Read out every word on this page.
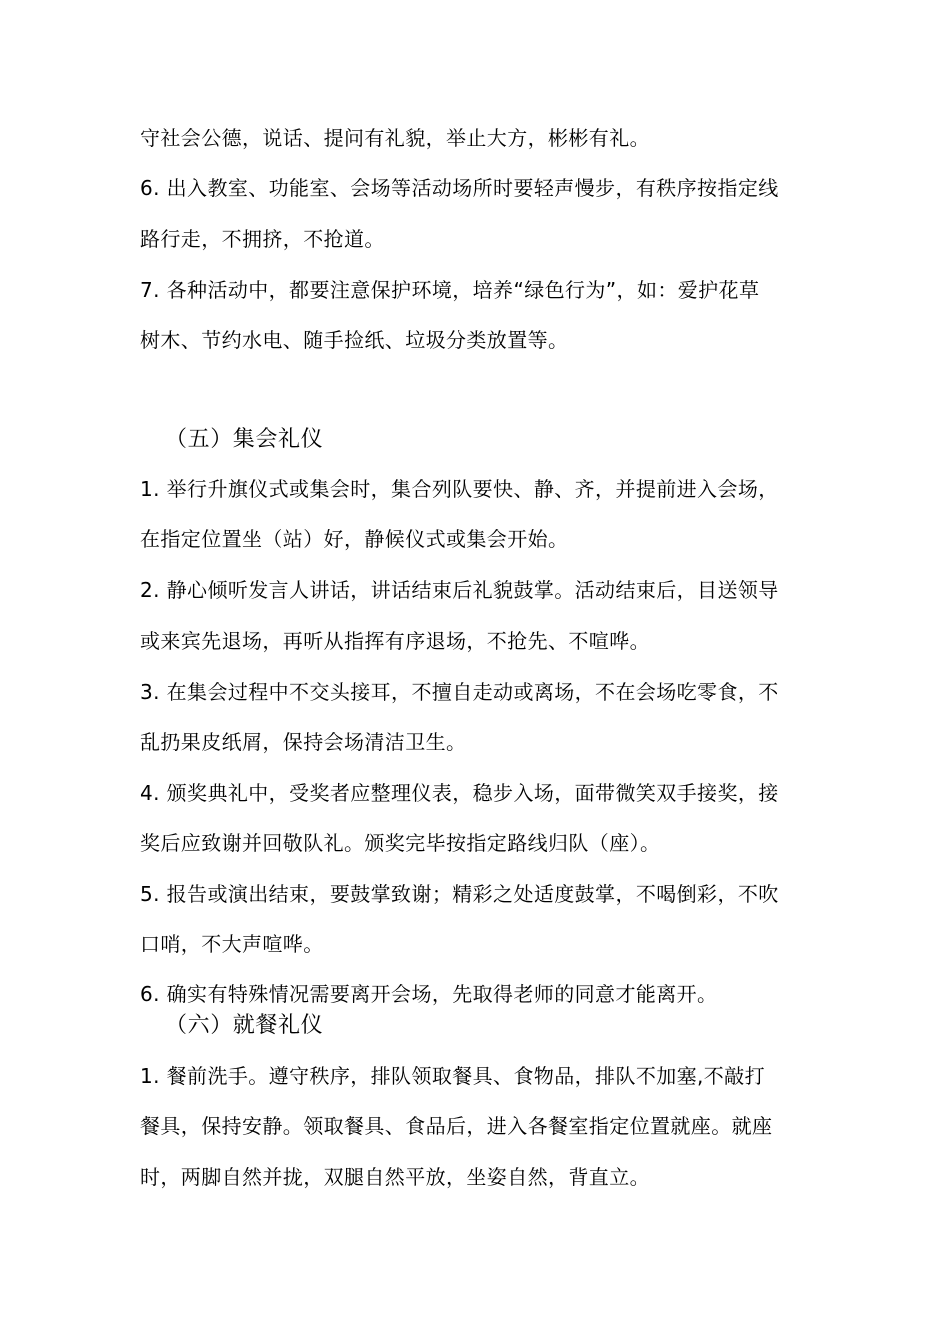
守社会公德，说话、提问有礼貌，举止大方，彬彬有礼。
6. 出入教室、功能室、会场等活动场所时要轻声慢步，有秩序按指定线
路行走，不拥挤，不抢道。
7. 各种活动中，都要注意保护环境，培养“绿色行为”，如：爱护花草
树木、节约水电、随手捡纸、垃圾分类放置等。
（五）集会礼仪
1. 举行升旗仪式或集会时，集合列队要快、静、齐，并提前进入会场，
在指定位置坐（站）好，静候仪式或集会开始。
2. 静心倾听发言人讲话，讲话结束后礼貌鼓掌。活动结束后，目送领导
或来宾先退场，再听从指挥有序退场，不抢先、不喧哗。
3. 在集会过程中不交头接耳，不擅自走动或离场，不在会场吃零食，不
乱扔果皮纸屑，保持会场清洁卫生。
4. 颁奖典礼中，受奖者应整理仪表，稳步入场，面带微笑双手接奖，接
奖后应致谢并回敬队礼。颁奖完毕按指定路线归队（座）。
5. 报告或演出结束，要鼓掌致谢；精彩之处适度鼓掌，不喝倒彩，不吹
口哨，不大声喧哗。
6. 确实有特殊情况需要离开会场，先取得老师的同意才能离开。
（六）就餐礼仪
1. 餐前洗手。遵守秩序，排队领取餐具、食物品，排队不加塞,不敲打
餐具，保持安静。领取餐具、食品后，进入各餐室指定位置就座。就座
时，两脚自然并拢，双腿自然平放，坐姿自然，背直立。
